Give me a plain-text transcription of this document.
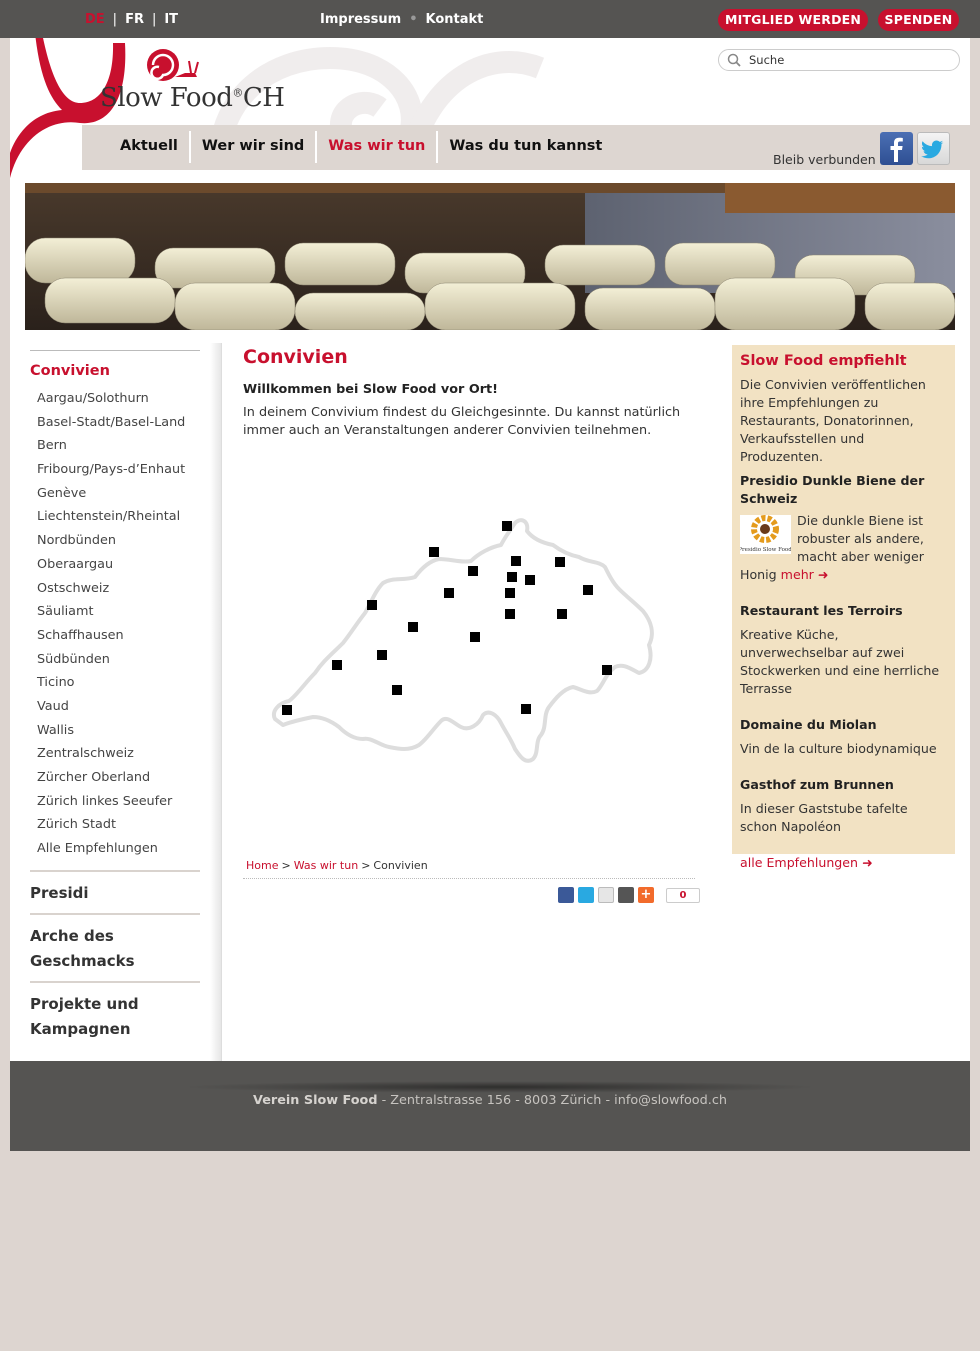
DE | FR | IT	Impressum • Kontakt	MITGLIED WERDEN	SPENDEN
Slow Food®CH
Suche
Aktuell	Wer wir sind	Was wir tun	Was du tun kannst
Bleib verbunden
Convivien
Aargau/Solothurn
Basel-Stadt/Basel-Land
Bern
Fribourg/Pays-d’Enhaut
Genève
Liechtenstein/Rheintal
Nordbünden
Oberaargau
Ostschweiz
Säuliamt
Schaffhausen
Südbünden
Ticino
Vaud
Wallis
Zentralschweiz
Zürcher Oberland
Zürich linkes Seeufer
Zürich Stadt
Alle Empfehlungen
Presidi
Arche des Geschmacks
Projekte und Kampagnen
Convivien
Willkommen bei Slow Food vor Ort!
In deinem Convivium findest du Gleichgesinnte. Du kannst natürlich immer auch an Veranstaltungen anderer Convivien teilnehmen.
Home > Was wir tun > Convivien
+	0
Slow Food empfiehlt

Die Convivien veröffentlichen ihre Empfehlungen zu Restaurants, Donatorinnen, Verkaufsstellen und Produzenten.

Presidio Dunkle Biene der Schweiz
Presidio Slow Food

Die dunkle Biene ist robuster als andere, macht aber weniger Honig mehr ➜

Restaurant les Terroirs

Kreative Küche, unverwechselbar auf zwei Stockwerken und eine herrliche Terrasse

Domaine du Miolan

Vin de la culture biodynamique

Gasthof zum Brunnen

In dieser Gaststube tafelte schon Napoléon

alle Empfehlungen ➜

Verein Slow Food - Zentralstrasse 156 - 8003 Zürich - info@slowfood.ch
